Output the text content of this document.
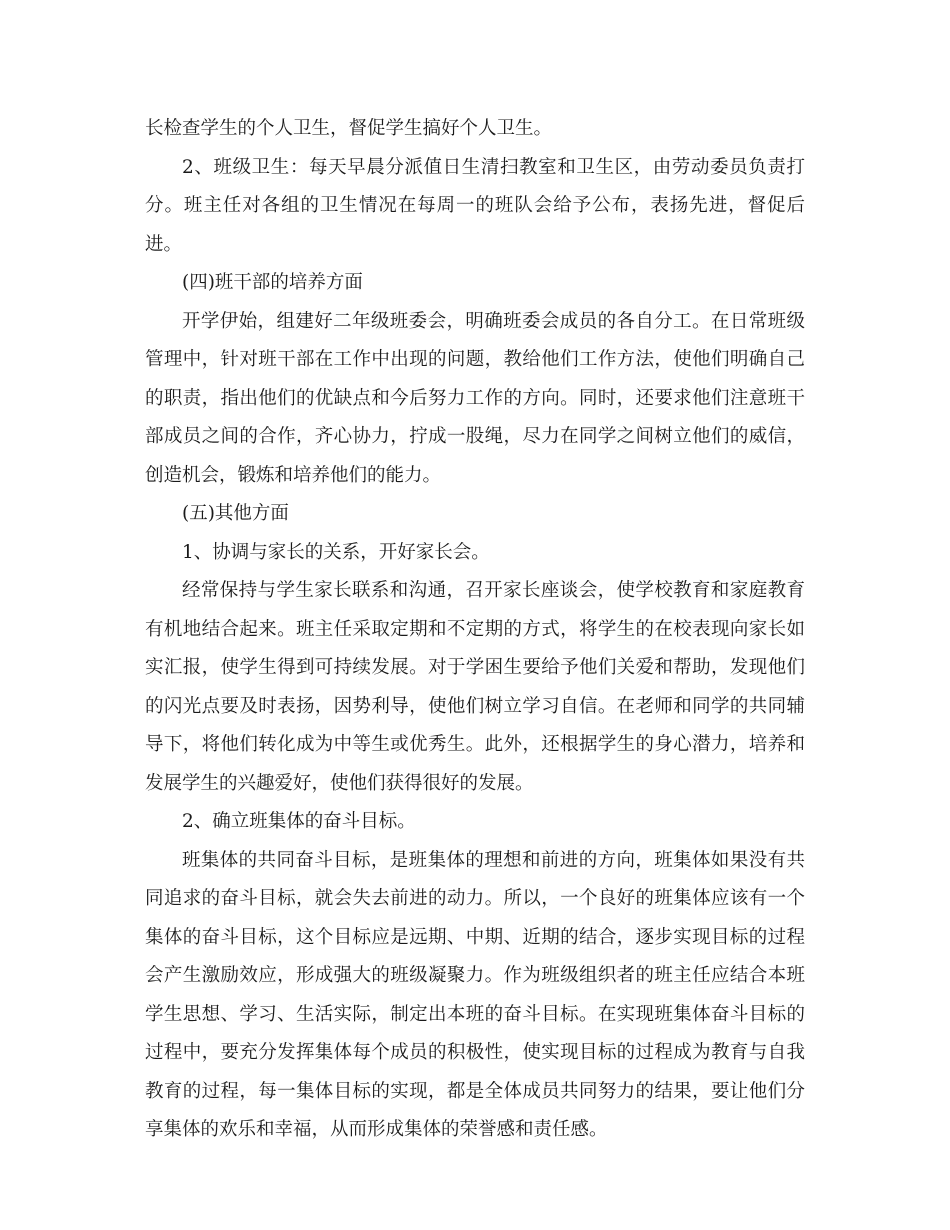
长检查学生的个人卫生，督促学生搞好个人卫生。

2、班级卫生：每天早晨分派值日生清扫教室和卫生区，由劳动委员负责打分。班主任对各组的卫生情况在每周一的班队会给予公布，表扬先进，督促后进。

(四)班干部的培养方面

开学伊始，组建好二年级班委会，明确班委会成员的各自分工。在日常班级管理中，针对班干部在工作中出现的问题，教给他们工作方法，使他们明确自己的职责，指出他们的优缺点和今后努力工作的方向。同时，还要求他们注意班干部成员之间的合作，齐心协力，拧成一股绳，尽力在同学之间树立他们的威信，创造机会，锻炼和培养他们的能力。

(五)其他方面

1、协调与家长的关系，开好家长会。

经常保持与学生家长联系和沟通，召开家长座谈会，使学校教育和家庭教育有机地结合起来。班主任采取定期和不定期的方式，将学生的在校表现向家长如实汇报，使学生得到可持续发展。对于学困生要给予他们关爱和帮助，发现他们的闪光点要及时表扬，因势利导，使他们树立学习自信。在老师和同学的共同辅导下，将他们转化成为中等生或优秀生。此外，还根据学生的身心潜力，培养和发展学生的兴趣爱好，使他们获得很好的发展。

2、确立班集体的奋斗目标。

班集体的共同奋斗目标，是班集体的理想和前进的方向，班集体如果没有共同追求的奋斗目标，就会失去前进的动力。所以，一个良好的班集体应该有一个集体的奋斗目标，这个目标应是远期、中期、近期的结合，逐步实现目标的过程会产生激励效应，形成强大的班级凝聚力。作为班级组织者的班主任应结合本班学生思想、学习、生活实际，制定出本班的奋斗目标。在实现班集体奋斗目标的过程中，要充分发挥集体每个成员的积极性，使实现目标的过程成为教育与自我教育的过程，每一集体目标的实现，都是全体成员共同努力的结果，要让他们分享集体的欢乐和幸福，从而形成集体的荣誉感和责任感。
